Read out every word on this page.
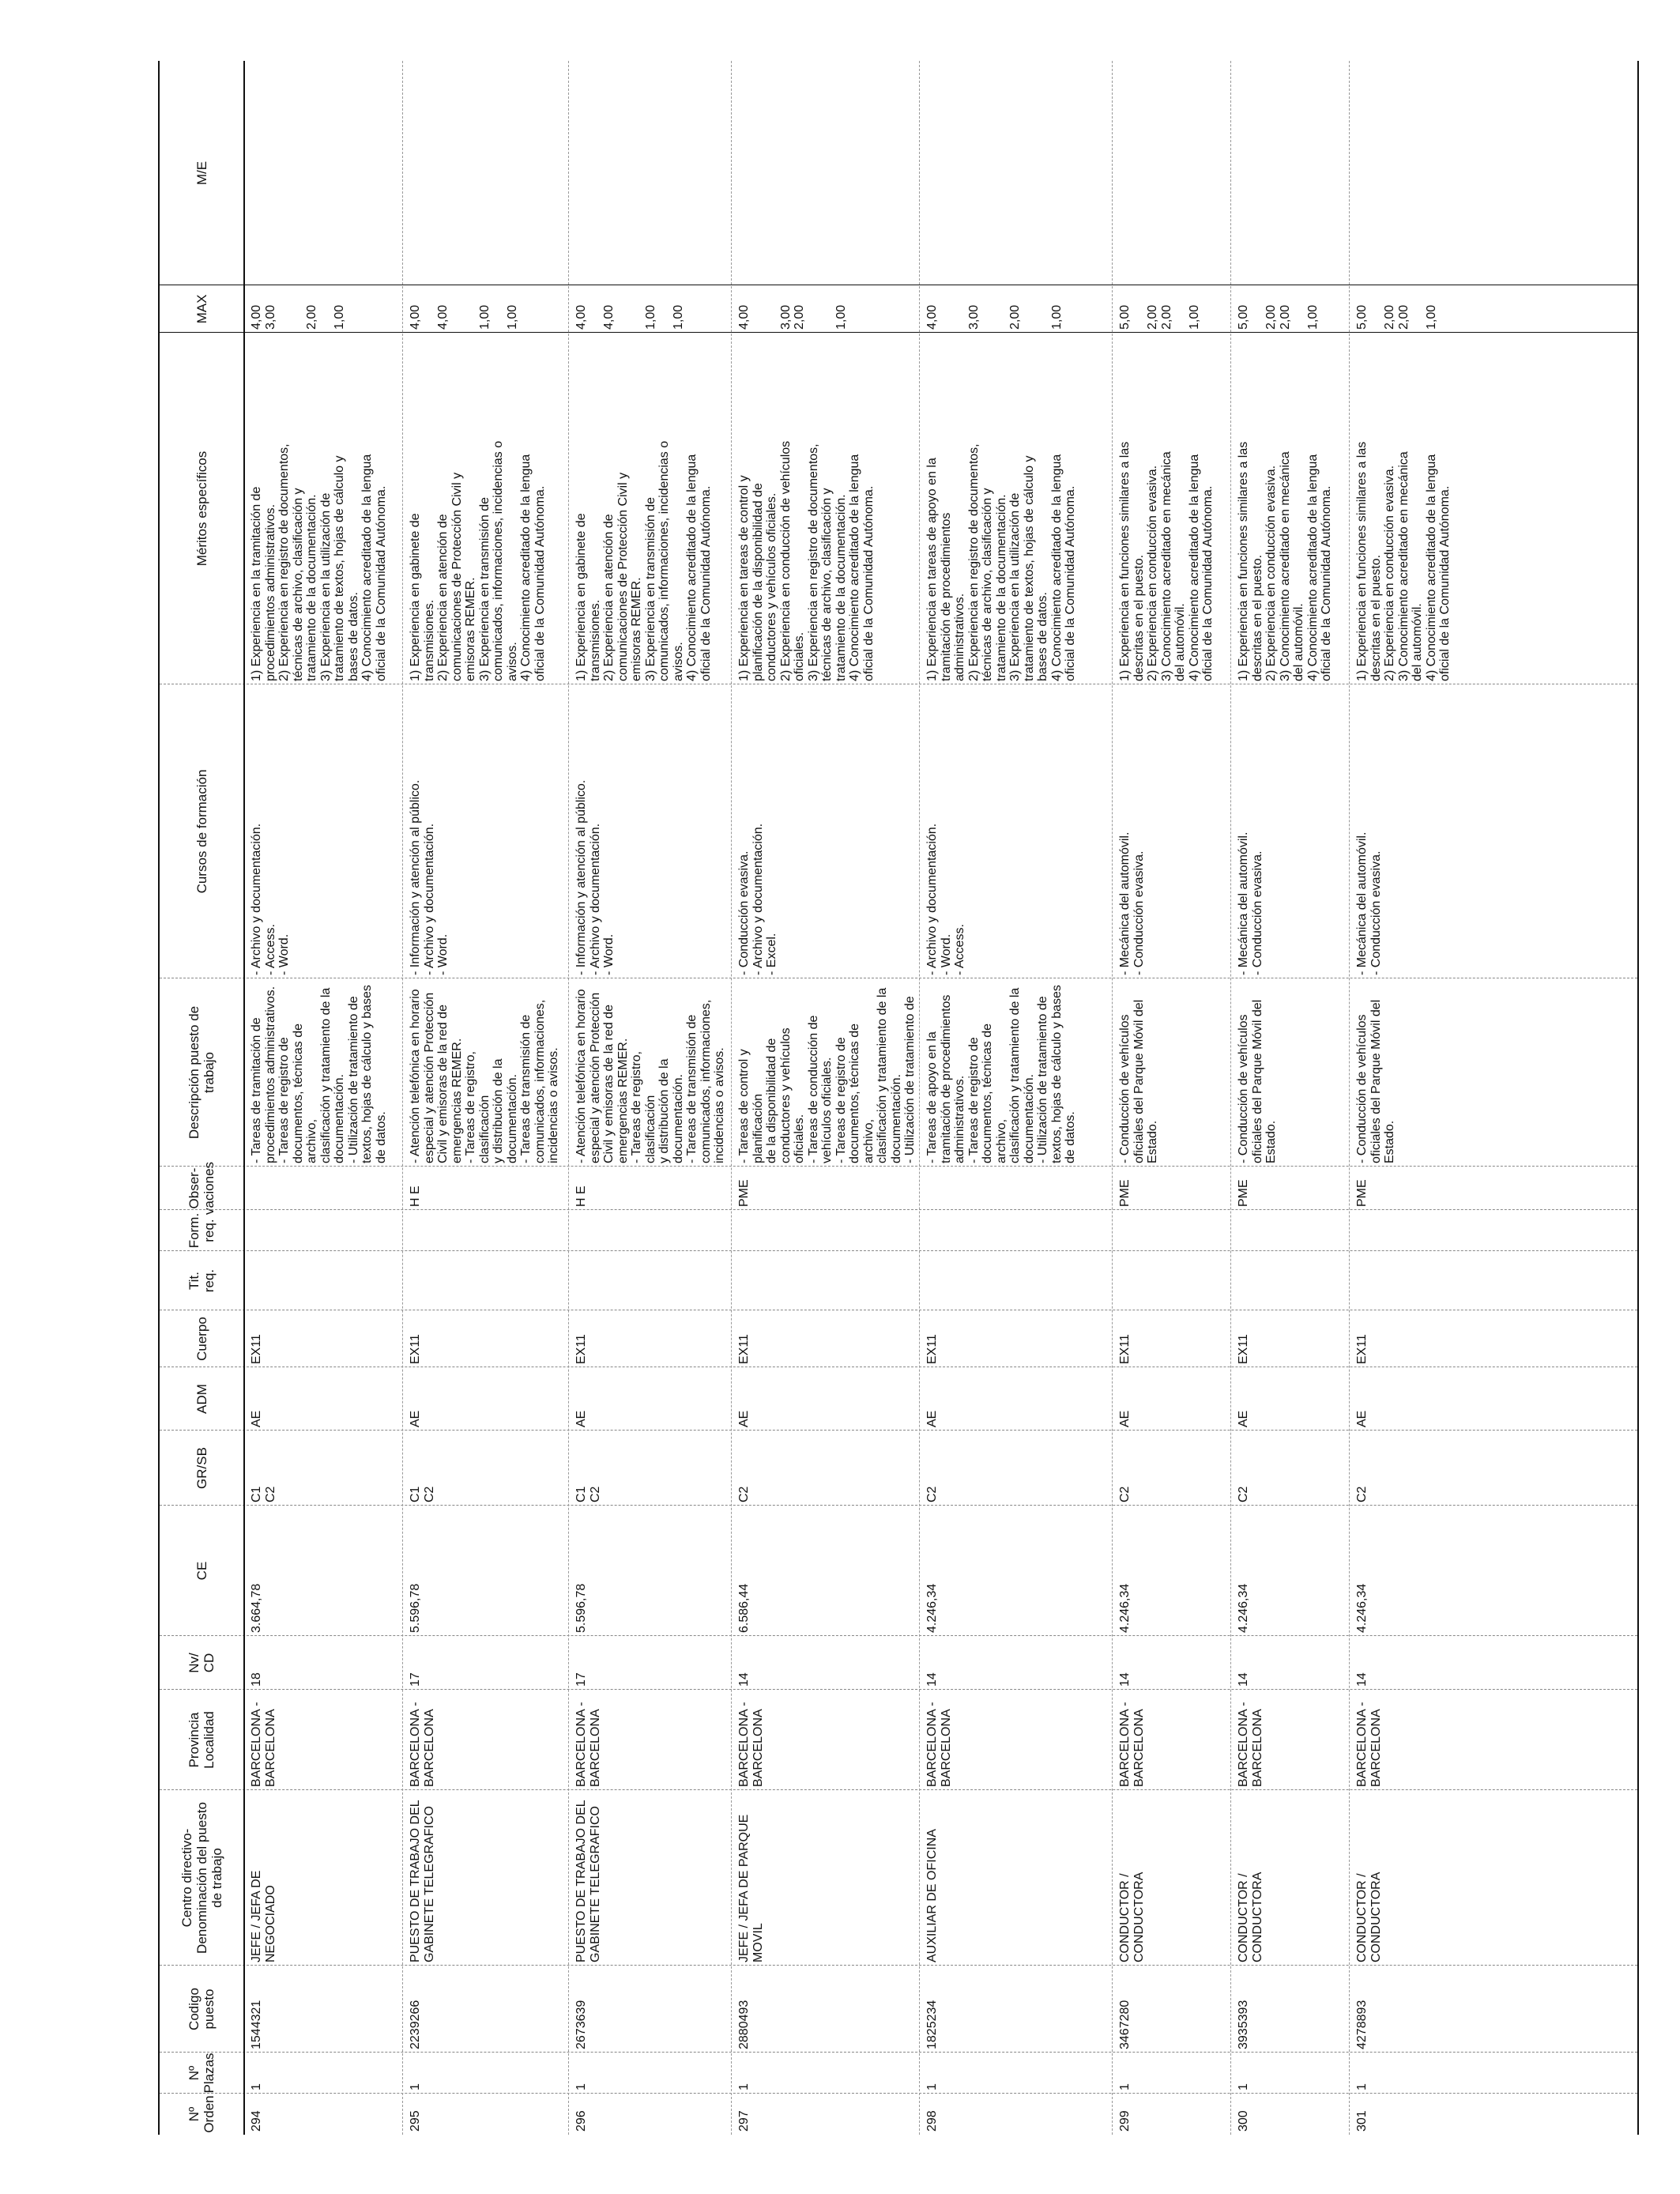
Nº Orden
Nº Plazas
Codigo puesto
Centro directivo-
Denominación del puesto
de trabajo
Provincia
Localidad
Nv/
CD
CE
GR/SB
ADM
Cuerpo
Tit.
req.
Form.
req.
Obser-
vaciones
Descripción puesto de
trabajo
Cursos de formación
Méritos específicos
MAX
M/E
294
1
1544321
JEFE / JEFA DE NEGOCIADO
BARCELONA -
BARCELONA
18
3.664,78
C1
C2
AE
EX11
- Tareas de tramitación de
procedimientos administrativos.
- Tareas de registro de
documentos, técnicas de archivo,
clasificación y tratamiento de la
documentación.
- Utilización de tratamiento de
textos, hojas de cálculo y bases
de datos.
- Archivo y documentación.
- Access.
- Word.
1) Experiencia en la tramitación de
procedimientos administrativos.
2) Experiencia en registro de documentos,
técnicas de archivo, clasificación y
tratamiento de la documentación.
3) Experiencia en la utilización de
tratamiento de textos, hojas de cálculo y
bases de datos.
4) Conocimiento acreditado de la lengua
oficial de la Comunidad Autónoma.
4,00 3,00

2,00
1,00
295
1
2239266
PUESTO DE TRABAJO DEL
GABINETE TELEGRAFICO
BARCELONA -
BARCELONA
17
5.596,78
C1
C2
AE
EX11
H E
- Atención telefónica en horario
especial y atención Protección
Civil y emisoras de la red de
emergencias REMER.
- Tareas de registro, clasificación
y distribución de la
documentación.
- Tareas de transmisión de
comunicados, informaciones,
incidencias o avisos.
- Información y atención al público.
- Archivo y documentación.
- Word.
1) Experiencia en gabinete de
transmisiones.
2) Experiencia en atención de
comunicaciones de Protección Civil y
emisoras REMER.
3) Experiencia en transmisión de
comunicados, informaciones, incidencias o
avisos.
4) Conocimiento acreditado de la lengua
oficial de la Comunidad Autónoma.
4,00
4,00

1,00
1,00
296
1
2673639
PUESTO DE TRABAJO DEL
GABINETE TELEGRAFICO
BARCELONA -
BARCELONA
17
5.596,78
C1
C2
AE
EX11
H E
- Atención telefónica en horario
especial y atención Protección
Civil y emisoras de la red de
emergencias REMER.
- Tareas de registro, clasificación
y distribución de la
documentación.
- Tareas de transmisión de
comunicados, informaciones,
incidencias o avisos.
- Información y atención al público.
- Archivo y documentación.
- Word.
1) Experiencia en gabinete de
transmisiones.
2) Experiencia en atención de
comunicaciones de Protección Civil y
emisoras REMER.
3) Experiencia en transmisión de
comunicados, informaciones, incidencias o
avisos.
4) Conocimiento acreditado de la lengua
oficial de la Comunidad Autónoma.
4,00
4,00

1,00
1,00
297
1
2880493
JEFE / JEFA DE PARQUE
MOVIL
BARCELONA -
BARCELONA
14
6.586,44
C2
AE
EX11
PME
- Tareas de control y planificación
de la disponibilidad de
conductores y vehículos oficiales.
- Tareas de conducción de
vehículos oficiales.
- Tareas de registro de
documentos, técnicas de archivo,
clasificación y tratamiento de la
documentación.
- Utilización de tratamiento de

- Conducción evasiva.
- Archivo y documentación.
- Excel.
1) Experiencia en tareas de control y
planificación de la disponibilidad de
conductores y vehículos oficiales.
2) Experiencia en conducción de vehículos
oficiales.
3) Experiencia en registro de documentos,
técnicas de archivo, clasificación y
tratamiento de la documentación.
4) Conocimiento acreditado de la lengua
oficial de la Comunidad Autónoma.
4,00

3,00 2,00

1,00
298
1
1825234
AUXILIAR DE OFICINA
BARCELONA -
BARCELONA
14
4.246,34
C2
AE
EX11
- Tareas de apoyo en la
tramitación de procedimientos
administrativos.
- Tareas de registro de
documentos, técnicas de archivo,
clasificación y tratamiento de la
documentación.
- Utilización de tratamiento de
textos, hojas de cálculo y bases
de datos.
- Archivo y documentación.
- Word.
- Access.
1) Experiencia en tareas de apoyo en la
tramitación de procedimientos
administrativos.
2) Experiencia en registro de documentos,
técnicas de archivo, clasificación y
tratamiento de la documentación.
3) Experiencia en la utilización de
tratamiento de textos, hojas de cálculo y
bases de datos.
4) Conocimiento acreditado de la lengua
oficial de la Comunidad Autónoma.
4,00

3,00

2,00

1,00
299
1
3467280
CONDUCTOR / CONDUCTORA
BARCELONA -
BARCELONA
14
4.246,34
C2
AE
EX11
PME
- Conducción de vehículos
oficiales del Parque Móvil del
Estado.
- Mecánica del automóvil.
- Conducción evasiva.
1) Experiencia en funciones similares a las
descritas en el puesto.
2) Experiencia en conducción evasiva.
3) Conocimiento acreditado en mecánica
del automóvil.
4) Conocimiento acreditado de la lengua
oficial de la Comunidad Autónoma.
5,00
2,00 2,00
1,00
300
1
3935393
CONDUCTOR / CONDUCTORA
BARCELONA -
BARCELONA
14
4.246,34
C2
AE
EX11
PME
- Conducción de vehículos
oficiales del Parque Móvil del
Estado.
- Mecánica del automóvil.
- Conducción evasiva.
1) Experiencia en funciones similares a las
descritas en el puesto.
2) Experiencia en conducción evasiva.
3) Conocimiento acreditado en mecánica
del automóvil.
4) Conocimiento acreditado de la lengua
oficial de la Comunidad Autónoma.
5,00
2,00 2,00
1,00
301
1
4278893
CONDUCTOR / CONDUCTORA
BARCELONA -
BARCELONA
14
4.246,34
C2
AE
EX11
PME
- Conducción de vehículos
oficiales del Parque Móvil del
Estado.
- Mecánica del automóvil.
- Conducción evasiva.
1) Experiencia en funciones similares a las
descritas en el puesto.
2) Experiencia en conducción evasiva.
3) Conocimiento acreditado en mecánica
del automóvil.
4) Conocimiento acreditado de la lengua
oficial de la Comunidad Autónoma.
5,00
2,00 2,00
1,00
